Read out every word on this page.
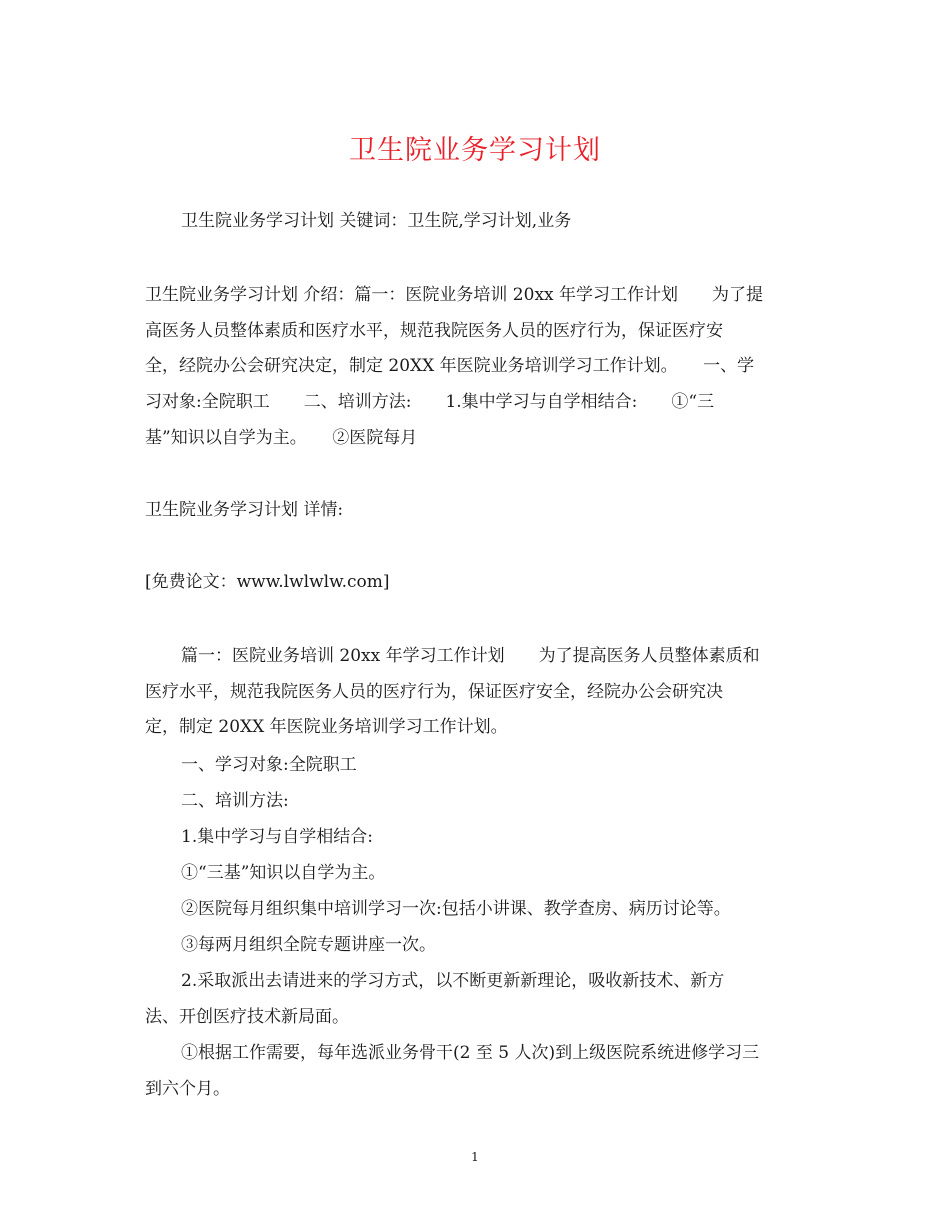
卫生院业务学习计划
卫生院业务学习计划 关键词：卫生院,学习计划,业务
卫生院业务学习计划 介绍：篇一：医院业务培训 20xx 年学习工作计划　　为了提
高医务人员整体素质和医疗水平，规范我院医务人员的医疗行为，保证医疗安
全，经院办公会研究决定，制定 20XX 年医院业务培训学习工作计划。　　一、学
习对象:全院职工　　二、培训方法:　　1.集中学习与自学相结合:　　①“三
基”知识以自学为主。　　②医院每月
卫生院业务学习计划 详情:
[免费论文：www.lwlwlw.com]
篇一：医院业务培训 20xx 年学习工作计划　　为了提高医务人员整体素质和
医疗水平，规范我院医务人员的医疗行为，保证医疗安全，经院办公会研究决
定，制定 20XX 年医院业务培训学习工作计划。
一、学习对象:全院职工
二、培训方法:
1.集中学习与自学相结合:
①“三基”知识以自学为主。
②医院每月组织集中培训学习一次:包括小讲课、教学查房、病历讨论等。
③每两月组织全院专题讲座一次。
2.采取派出去请进来的学习方式，以不断更新新理论，吸收新技术、新方
法、开创医疗技术新局面。
①根据工作需要，每年选派业务骨干(2 至 5 人次)到上级医院系统进修学习三
到六个月。
1
